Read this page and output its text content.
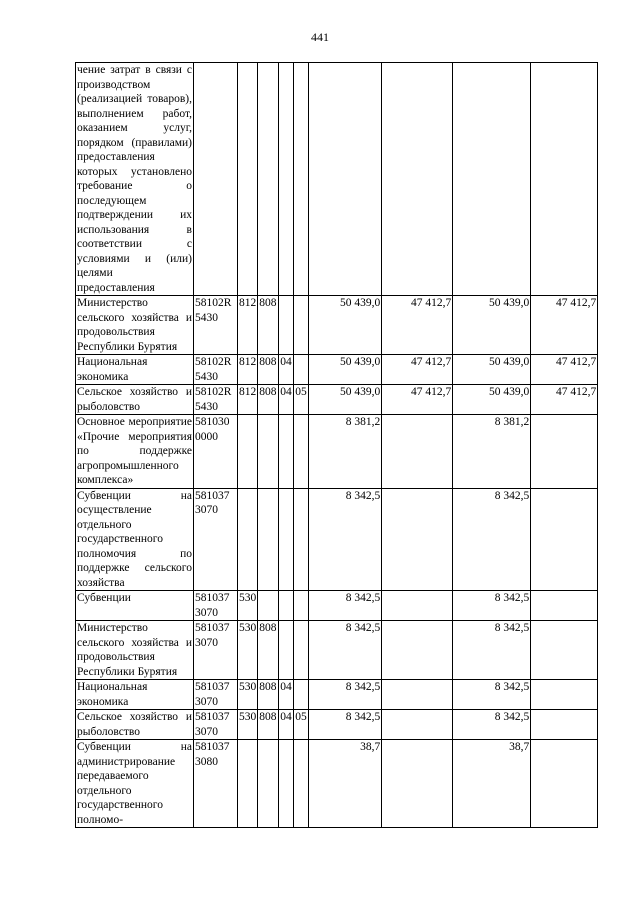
441
чение затрат в связи с производством (реализацией товаров), выполнением работ, оказанием услуг, порядком (правилами) предоставления которых установлено требование о последующем подтверждении их использования в соответствии с условиями и (или) целями предоставления									
Министерство сельского хозяйства и продовольствия Республики Бурятия	58102R 5430	812	808			50 439,0	47 412,7	50 439,0	47 412,7
Национальная экономика	58102R 5430	812	808	04		50 439,0	47 412,7	50 439,0	47 412,7
Сельское хозяйство и рыболовство	58102R 5430	812	808	04	05	50 439,0	47 412,7	50 439,0	47 412,7
Основное мероприятие «Прочие мероприятия по поддержке агропромышленного комплекса»	581030 0000					8 381,2		8 381,2	
Субвенции на осуществление отдельного государственного полномочия по поддержке сельского хозяйства	581037 3070					8 342,5		8 342,5	
Субвенции	581037 3070	530				8 342,5		8 342,5	
Министерство сельского хозяйства и продовольствия Республики Бурятия	581037 3070	530	808			8 342,5		8 342,5	
Национальная экономика	581037 3070	530	808	04		8 342,5		8 342,5	
Сельское хозяйство и рыболовство	581037 3070	530	808	04	05	8 342,5		8 342,5	
Субвенции на администрирование передаваемого отдельного государственного полномо-	581037 3080					38,7		38,7	
